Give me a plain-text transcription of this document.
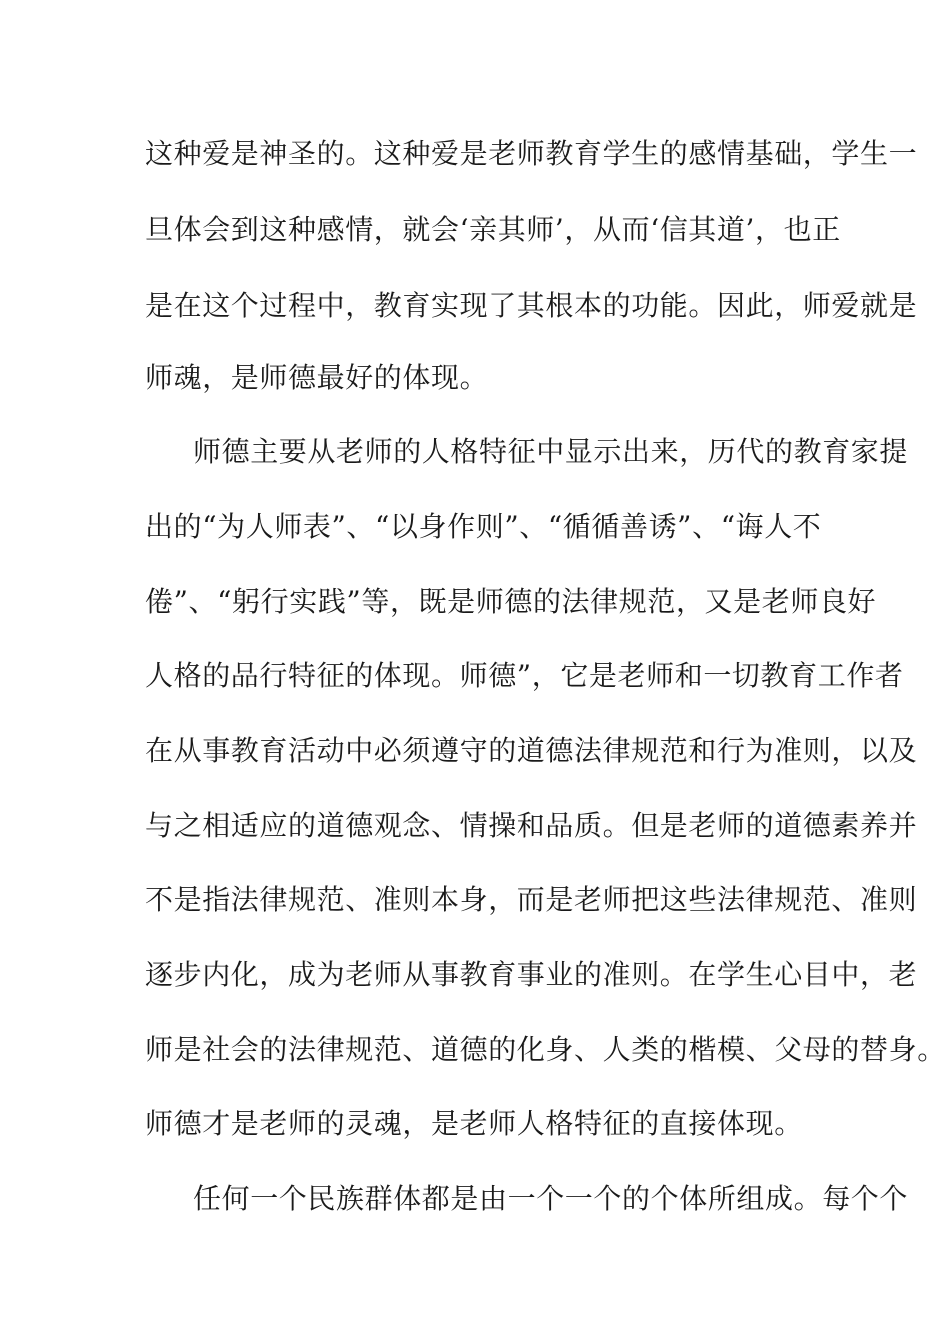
这种爱是神圣的。这种爱是老师教育学生的感情基础，学生一
旦体会到这种感情，就会‘亲其师’，从而‘信其道’，也正
是在这个过程中，教育实现了其根本的功能。因此，师爱就是
师魂，是师德最好的体现。
师德主要从老师的人格特征中显示出来，历代的教育家提
出的“为人师表”、“以身作则”、“循循善诱”、“诲人不
倦”、“躬行实践”等，既是师德的法律规范，又是老师良好
人格的品行特征的体现。师德”，它是老师和一切教育工作者
在从事教育活动中必须遵守的道德法律规范和行为准则，以及
与之相适应的道德观念、情操和品质。但是老师的道德素养并
不是指法律规范、准则本身，而是老师把这些法律规范、准则
逐步内化，成为老师从事教育事业的准则。在学生心目中，老
师是社会的法律规范、道德的化身、人类的楷模、父母的替身。
师德才是老师的灵魂，是老师人格特征的直接体现。
任何一个民族群体都是由一个一个的个体所组成。每个个
